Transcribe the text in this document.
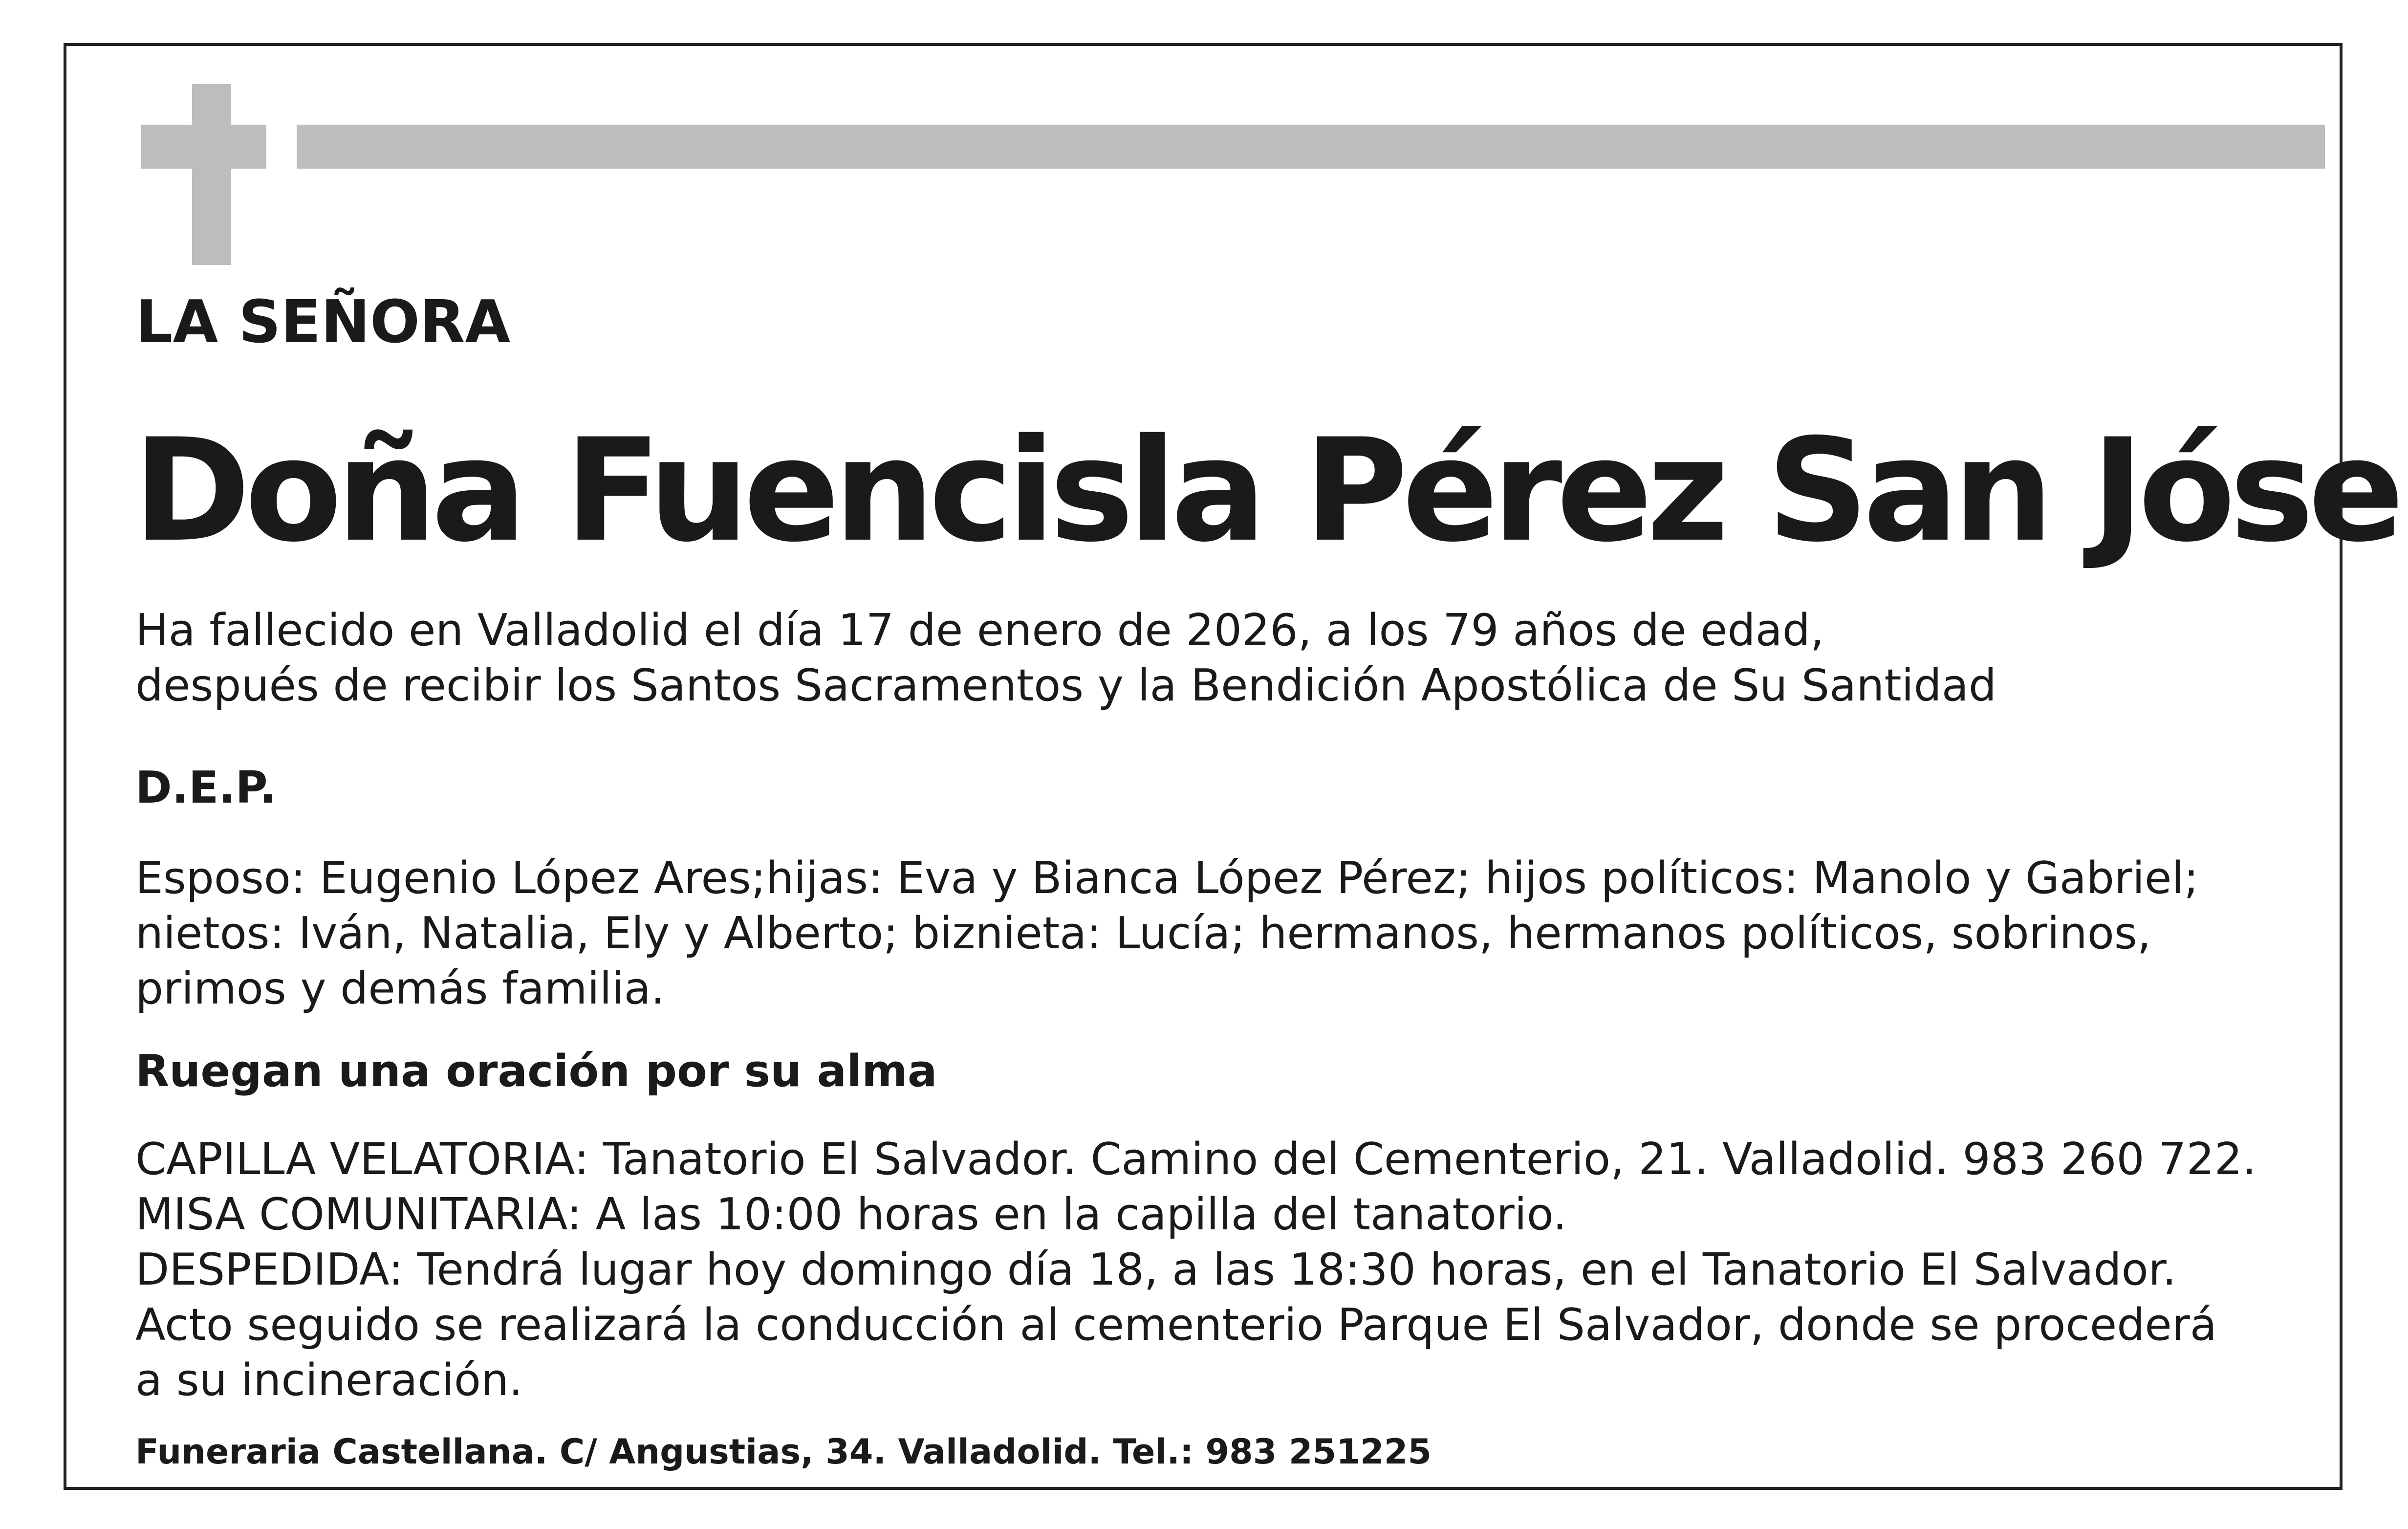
LA SEÑORA
Doña Fuencisla Pérez San Jóse
Ha fallecido en Valladolid el día 17 de enero de 2026, a los 79 años de edad,
después de recibir los Santos Sacramentos y la Bendición Apostólica de Su Santidad
D.E.P.
Esposo: Eugenio López Ares;hijas: Eva y Bianca López Pérez; hijos políticos: Manolo y Gabriel;
nietos: Iván, Natalia, Ely y Alberto; biznieta: Lucía; hermanos, hermanos políticos, sobrinos,
primos y demás familia.
Ruegan una oración por su alma
CAPILLA VELATORIA: Tanatorio El Salvador. Camino del Cementerio, 21. Valladolid. 983 260 722.
MISA COMUNITARIA: A las 10:00 horas en la capilla del tanatorio.
DESPEDIDA: Tendrá lugar hoy domingo día 18, a las 18:30 horas, en el Tanatorio El Salvador.
Acto seguido se realizará la conducción al cementerio Parque El Salvador, donde se procederá
a su incineración.
Funeraria Castellana. C/ Angustias, 34. Valladolid. Tel.: 983 251225
